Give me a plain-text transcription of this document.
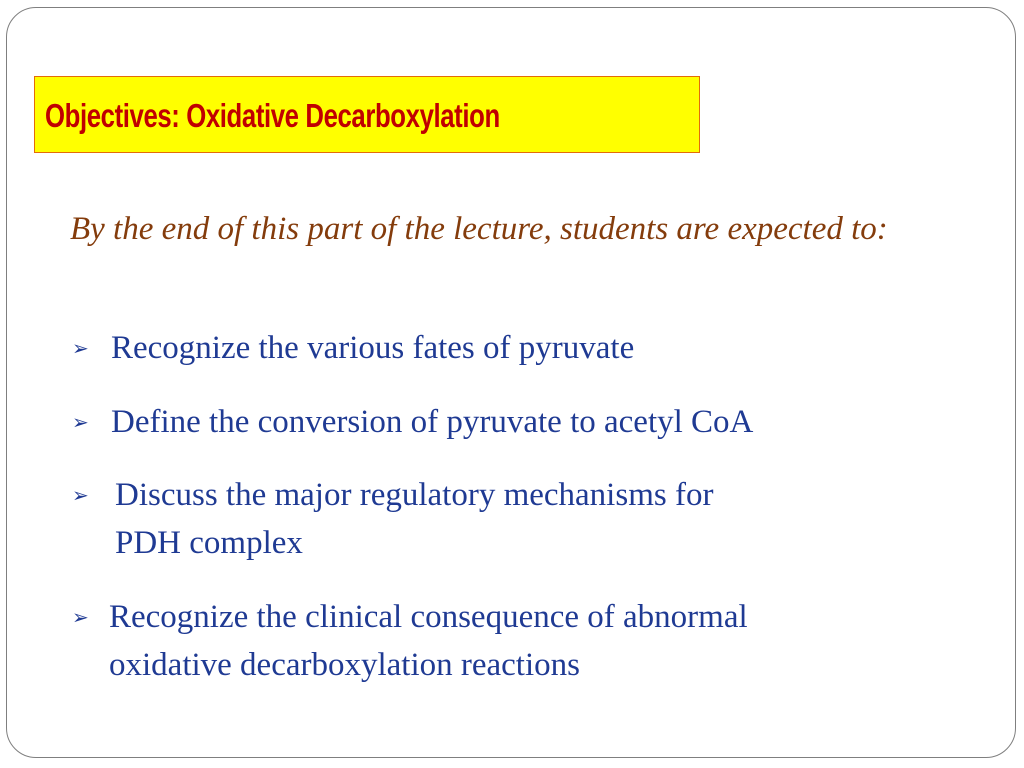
Objectives: Oxidative Decarboxylation

By the end of this part of the lecture, students are expected to:

➢ Recognize the various fates of pyruvate
➢ Define the conversion of pyruvate to acetyl CoA
➢ Discuss the major regulatory mechanisms for
PDH complex
➢ Recognize the clinical consequence of abnormal
oxidative decarboxylation reactions
